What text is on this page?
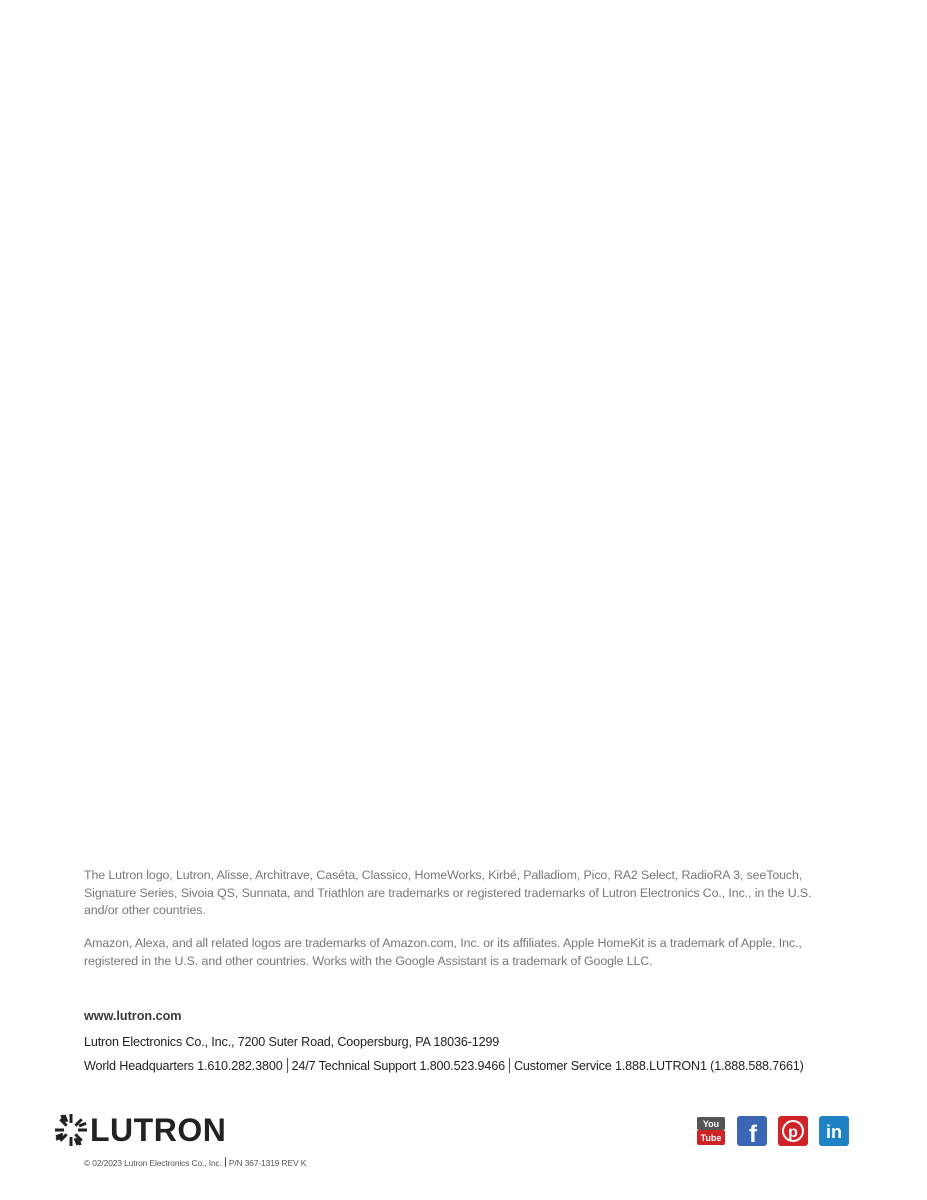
The Lutron logo, Lutron, Alisse, Architrave, Caséta, Classico, HomeWorks, Kirbé, Palladiom, Pico, RA2 Select, RadioRA 3, seeTouch, Signature Series, Sivoia QS, Sunnata, and Triathlon are trademarks or registered trademarks of Lutron Electronics Co., Inc., in the U.S. and/or other countries.

Amazon, Alexa, and all related logos are trademarks of Amazon.com, Inc. or its affiliates. Apple HomeKit is a trademark of Apple, Inc., registered in the U.S. and other countries. Works with the Google Assistant is a trademark of Google LLC.

www.lutron.com

Lutron Electronics Co., Inc., 7200 Suter Road, Coopersburg, PA 18036-1299

World Headquarters 1.610.282.3800 24/7 Technical Support 1.800.523.9466 Customer Service 1.888.LUTRON1 (1.888.588.7661)

LUTRON

© 02/2023 Lutron Electronics Co., Inc. P/N 367-1319 REV K

You
Tube f p in
